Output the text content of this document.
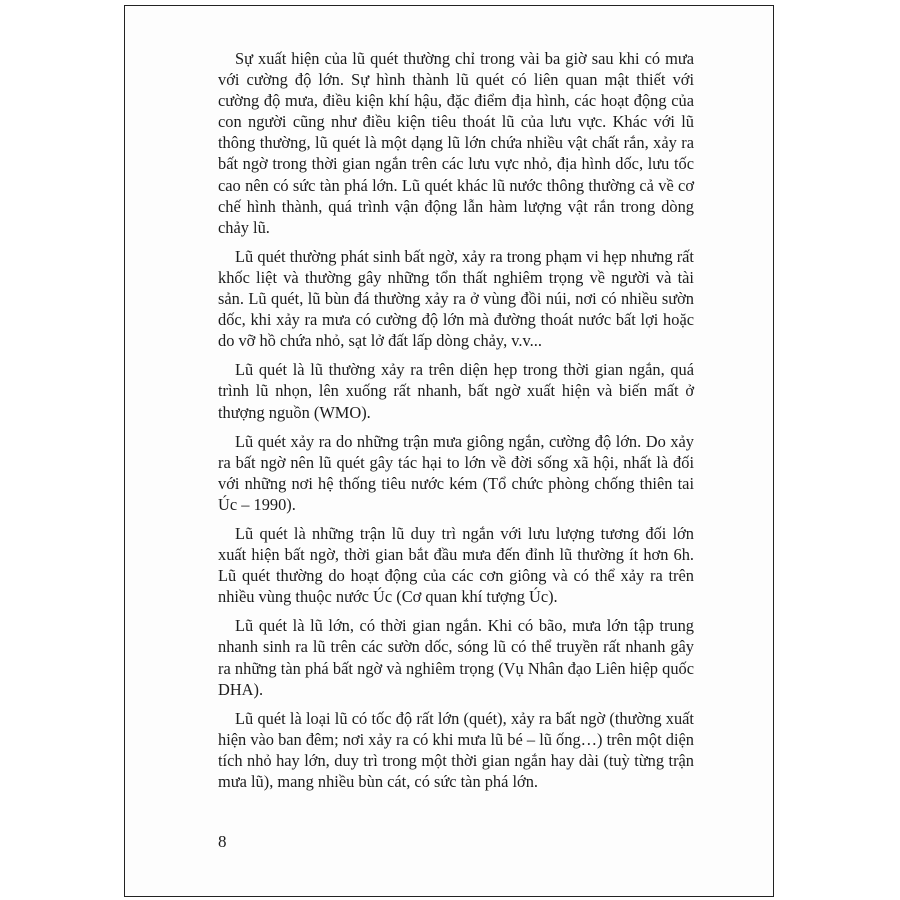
Sự xuất hiện của lũ quét thường chỉ trong vài ba giờ sau khi có mưa với cường độ lớn. Sự hình thành lũ quét có liên quan mật thiết với cường độ mưa, điều kiện khí hậu, đặc điểm địa hình, các hoạt động của con người cũng như điều kiện tiêu thoát lũ của lưu vực. Khác với lũ thông thường, lũ quét là một dạng lũ lớn chứa nhiều vật chất rắn, xảy ra bất ngờ trong thời gian ngắn trên các lưu vực nhỏ, địa hình dốc, lưu tốc cao nên có sức tàn phá lớn. Lũ quét khác lũ nước thông thường cả về cơ chế hình thành, quá trình vận động lẫn hàm lượng vật rắn trong dòng chảy lũ.

Lũ quét thường phát sinh bất ngờ, xảy ra trong phạm vi hẹp nhưng rất khốc liệt và thường gây những tổn thất nghiêm trọng về người và tài sản. Lũ quét, lũ bùn đá thường xảy ra ở vùng đồi núi, nơi có nhiều sườn dốc, khi xảy ra mưa có cường độ lớn mà đường thoát nước bất lợi hoặc do vỡ hồ chứa nhỏ, sạt lở đất lấp dòng chảy, v.v...

Lũ quét là lũ thường xảy ra trên diện hẹp trong thời gian ngắn, quá trình lũ nhọn, lên xuống rất nhanh, bất ngờ xuất hiện và biến mất ở thượng nguồn (WMO).

Lũ quét xảy ra do những trận mưa giông ngắn, cường độ lớn. Do xảy ra bất ngờ nên lũ quét gây tác hại to lớn về đời sống xã hội, nhất là đối với những nơi hệ thống tiêu nước kém (Tổ chức phòng chống thiên tai Úc – 1990).

Lũ quét là những trận lũ duy trì ngắn với lưu lượng tương đối lớn xuất hiện bất ngờ, thời gian bắt đầu mưa đến đỉnh lũ thường ít hơn 6h. Lũ quét thường do hoạt động của các cơn giông và có thể xảy ra trên nhiều vùng thuộc nước Úc (Cơ quan khí tượng Úc).

Lũ quét là lũ lớn, có thời gian ngắn. Khi có bão, mưa lớn tập trung nhanh sinh ra lũ trên các sườn dốc, sóng lũ có thể truyền rất nhanh gây ra những tàn phá bất ngờ và nghiêm trọng (Vụ Nhân đạo Liên hiệp quốc DHA).

Lũ quét là loại lũ có tốc độ rất lớn (quét), xảy ra bất ngờ (thường xuất hiện vào ban đêm; nơi xảy ra có khi mưa lũ bé – lũ ống…) trên một diện tích nhỏ hay lớn, duy trì trong một thời gian ngắn hay dài (tuỳ từng trận mưa lũ), mang nhiều bùn cát, có sức tàn phá lớn.

8
